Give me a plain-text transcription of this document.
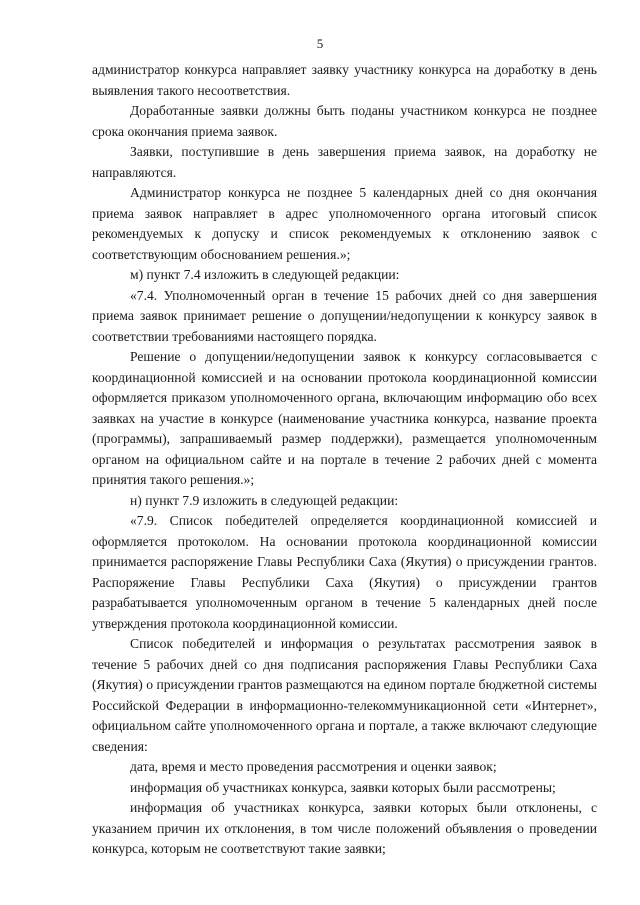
5

администратор конкурса направляет заявку участнику конкурса на доработку в день выявления такого несоответствия.

Доработанные заявки должны быть поданы участником конкурса не позднее срока окончания приема заявок.

Заявки, поступившие в день завершения приема заявок, на доработку не направляются.

Администратор конкурса не позднее 5 календарных дней со дня окончания приема заявок направляет в адрес уполномоченного органа итоговый список рекомендуемых к допуску и список рекомендуемых к отклонению заявок с соответствующим обоснованием решения.»;

м) пункт 7.4 изложить в следующей редакции:

«7.4. Уполномоченный орган в течение 15 рабочих дней со дня завершения приема заявок принимает решение о допущении/недопущении к конкурсу заявок в соответствии требованиями настоящего порядка.

Решение о допущении/недопущении заявок к конкурсу согласовывается с координационной комиссией и на основании протокола координационной комиссии оформляется приказом уполномоченного органа, включающим информацию обо всех заявках на участие в конкурсе (наименование участника конкурса, название проекта (программы), запрашиваемый размер поддержки), размещается уполномоченным органом на официальном сайте и на портале в течение 2 рабочих дней с момента принятия такого решения.»;

н) пункт 7.9 изложить в следующей редакции:

«7.9. Список победителей определяется координационной комиссией и оформляется протоколом. На основании протокола координационной комиссии принимается распоряжение Главы Республики Саха (Якутия) о присуждении грантов. Распоряжение Главы Республики Саха (Якутия) о присуждении грантов разрабатывается уполномоченным органом в течение 5 календарных дней после утверждения протокола координационной комиссии.

Список победителей и информация о результатах рассмотрения заявок в течение 5 рабочих дней со дня подписания распоряжения Главы Республики Саха (Якутия) о присуждении грантов размещаются на едином портале бюджетной системы Российской Федерации в информационно-телекоммуникационной сети «Интернет», официальном сайте уполномоченного органа и портале, а также включают следующие сведения:

дата, время и место проведения рассмотрения и оценки заявок;

информация об участниках конкурса, заявки которых были рассмотрены;

информация об участниках конкурса, заявки которых были отклонены, с указанием причин их отклонения, в том числе положений объявления о проведении конкурса, которым не соответствуют такие заявки;
